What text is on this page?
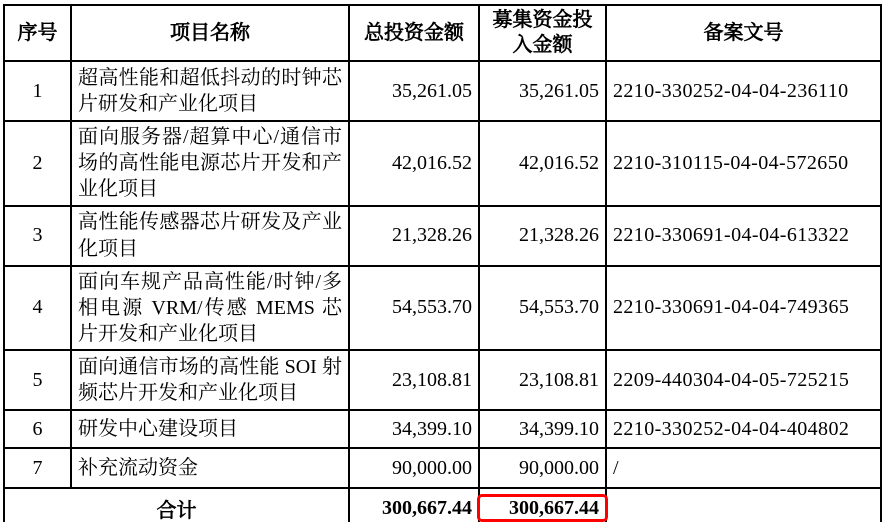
序号	项目名称	总投资金额	募集资金投入金额	备案文号
1	超高性能和超低抖动的时钟芯片研发和产业化项目	35,261.05	35,261.05	2210-330252-04-04-236110
2	面向服务器/超算中心/通信市场的高性能电源芯片开发和产业化项目	42,016.52	42,016.52	2210-310115-04-04-572650
3	高性能传感器芯片研发及产业化项目	21,328.26	21,328.26	2210-330691-04-04-613322
4	面向车规产品高性能/时钟/多相电源 VRM/传感 MEMS 芯片开发和产业化项目	54,553.70	54,553.70	2210-330691-04-04-749365
5	面向通信市场的高性能 SOI 射频芯片开发和产业化项目	23,108.81	23,108.81	2209-440304-04-05-725215
6	研发中心建设项目	34,399.10	34,399.10	2210-330252-04-04-404802
7	补充流动资金	90,000.00	90,000.00	/
合计		300,667.44	300,667.44	
